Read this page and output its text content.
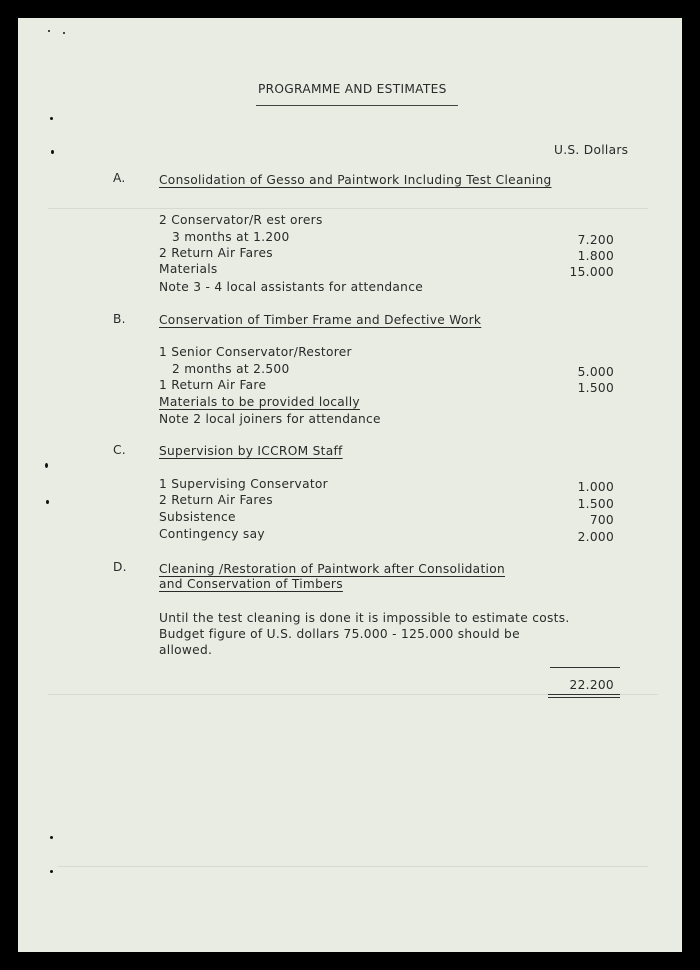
PROGRAMME AND ESTIMATES
U.S. Dollars
A.	Consolidation of Gesso and Paintwork Including Test Cleaning
2 Conservator/R est orers
3 months at 1.200	7.200
2 Return Air Fares	1.800
Materials	15.000
Note 3 - 4 local assistants for attendance
B.	Conservation of Timber Frame and Defective Work
1 Senior Conservator/Restorer
2 months at 2.500	5.000
1 Return Air Fare	1.500
Materials to be provided locally
Note 2 local joiners for attendance
C.	Supervision by ICCROM Staff
1 Supervising Conservator	1.000
2 Return Air Fares	1.500
Subsistence	700
Contingency say	2.000
D.	Cleaning /Restoration of Paintwork after Consolidation
and Conservation of Timbers
Until the test cleaning is done it is impossible to estimate costs.
Budget figure of U.S. dollars 75.000 - 125.000 should be
allowed.
22.200
